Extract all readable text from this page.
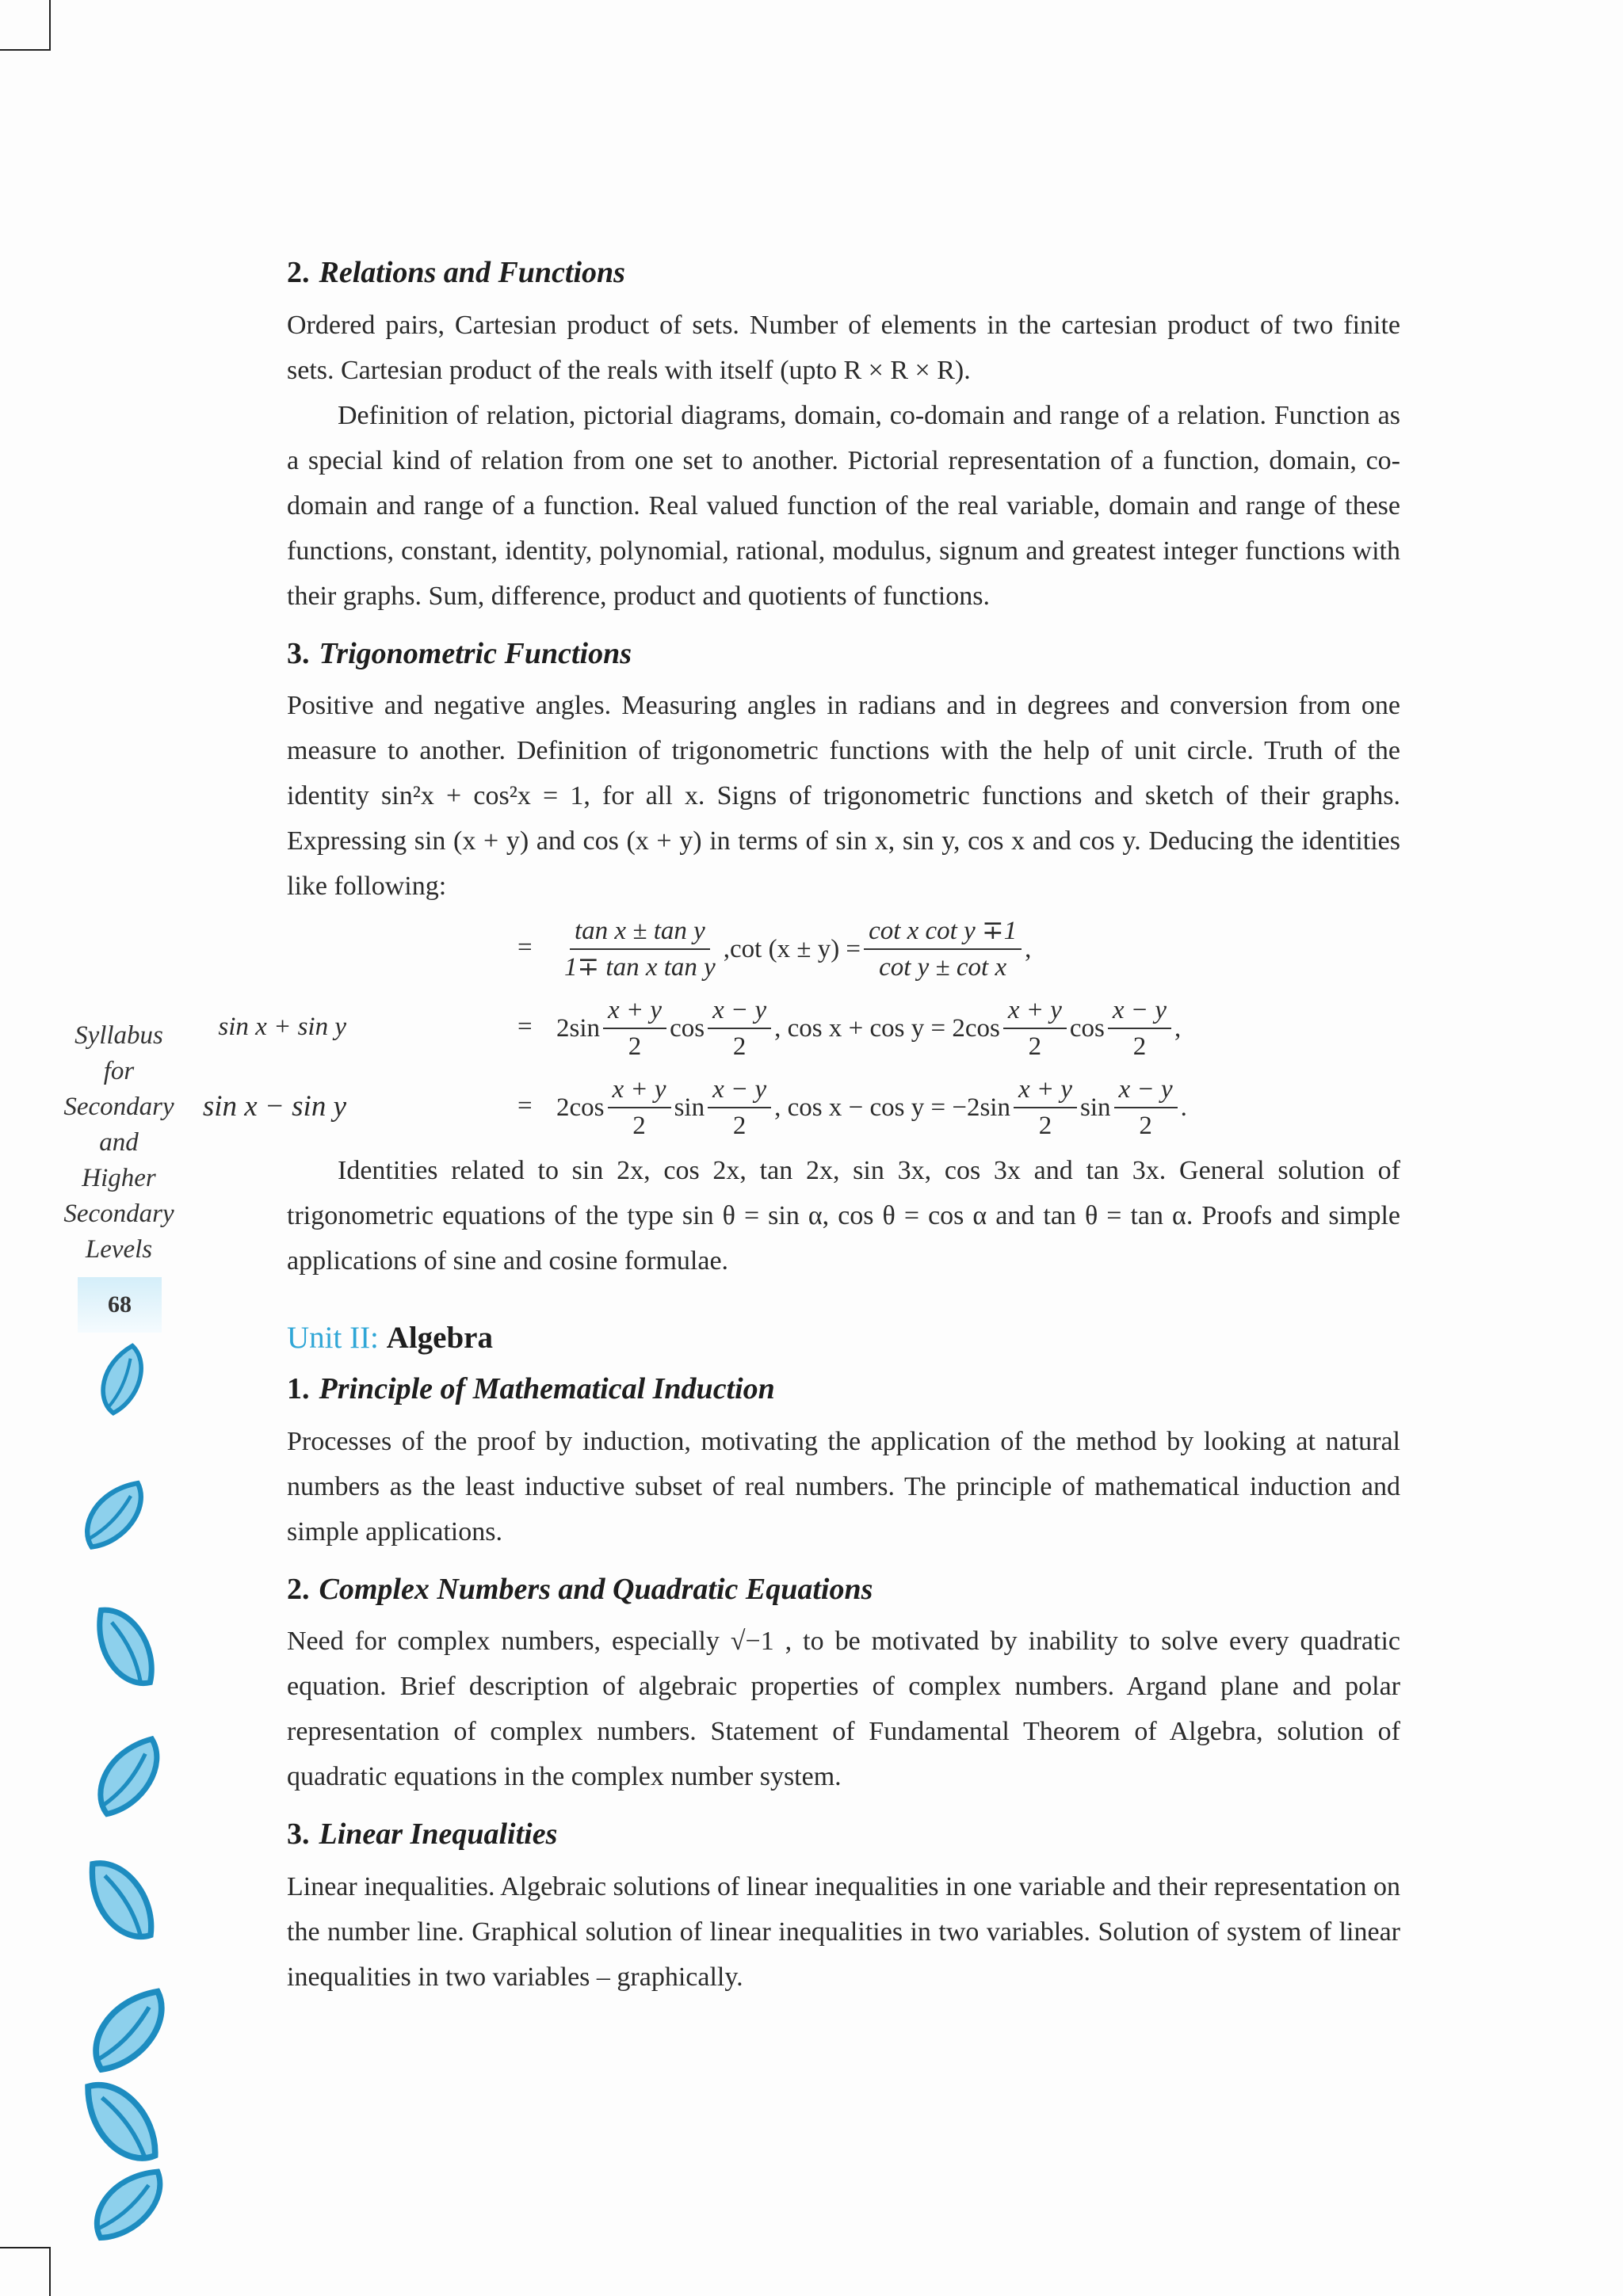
2. Relations and Functions

Ordered pairs, Cartesian product of sets. Number of elements in the cartesian product of two finite sets. Cartesian product of the reals with itself (upto R × R × R).

Definition of relation, pictorial diagrams, domain, co-domain and range of a relation. Function as a special kind of relation from one set to another. Pictorial representation of a function, domain, co-domain and range of a function. Real valued function of the real variable, domain and range of these functions, constant, identity, polynomial, rational, modulus, signum and greatest integer functions with their graphs. Sum, difference, product and quotients of functions.

3. Trigonometric Functions

Positive and negative angles. Measuring angles in radians and in degrees and conversion from one measure to another. Definition of trigonometric functions with the help of unit circle. Truth of the identity sin²x + cos²x = 1, for all x. Signs of trigonometric functions and sketch of their graphs. Expressing sin (x + y) and cos (x + y) in terms of sin x, sin y, cos x and cos y. Deducing the identities like following:

= $\frac{\text{tan x ± tan y}}{\text{1∓ tan x tan y}} ,\cot$ $(x \pm y) = \frac{\text{cot x cot y ∓1}}{\text{cot y ± cot x}}$ ,
sin x + sin y	= $2\sin \frac{x + y}{2}$ $\cos \frac{x - y}{2}$ , $\cos x + \cos y = 2\cos \frac{x + y}{2}$ $\cos \frac{x - y}{2}$ ,
sin x − sin y	= $2\cos \frac{x + y}{2}$ $\sin \frac{x - y}{2}$ , $\cos x - \cos y = -2\sin \frac{x + y}{2}$ $\sin \frac{x - y}{2}$ .

Identities related to sin 2x, cos 2x, tan 2x, sin 3x, cos 3x and tan 3x. General solution of trigonometric equations of the type sin θ = sin α, cos θ = cos α and tan θ = tan α. Proofs and simple applications of sine and cosine formulae.

Unit II: Algebra
1. Principle of Mathematical Induction

Processes of the proof by induction, motivating the application of the method by looking at natural numbers as the least inductive subset of real numbers. The principle of mathematical induction and simple applications.

2. Complex Numbers and Quadratic Equations

Need for complex numbers, especially √−1 , to be motivated by inability to solve every quadratic equation. Brief description of algebraic properties of complex numbers. Argand plane and polar representation of complex numbers. Statement of Fundamental Theorem of Algebra, solution of quadratic equations in the complex number system.

3. Linear Inequalities

Linear inequalities. Algebraic solutions of linear inequalities in one variable and their representation on the number line. Graphical solution of linear inequalities in two variables. Solution of system of linear inequalities in two variables – graphically.

Syllabus
for
Secondary
and
Higher
Secondary
Levels
68
